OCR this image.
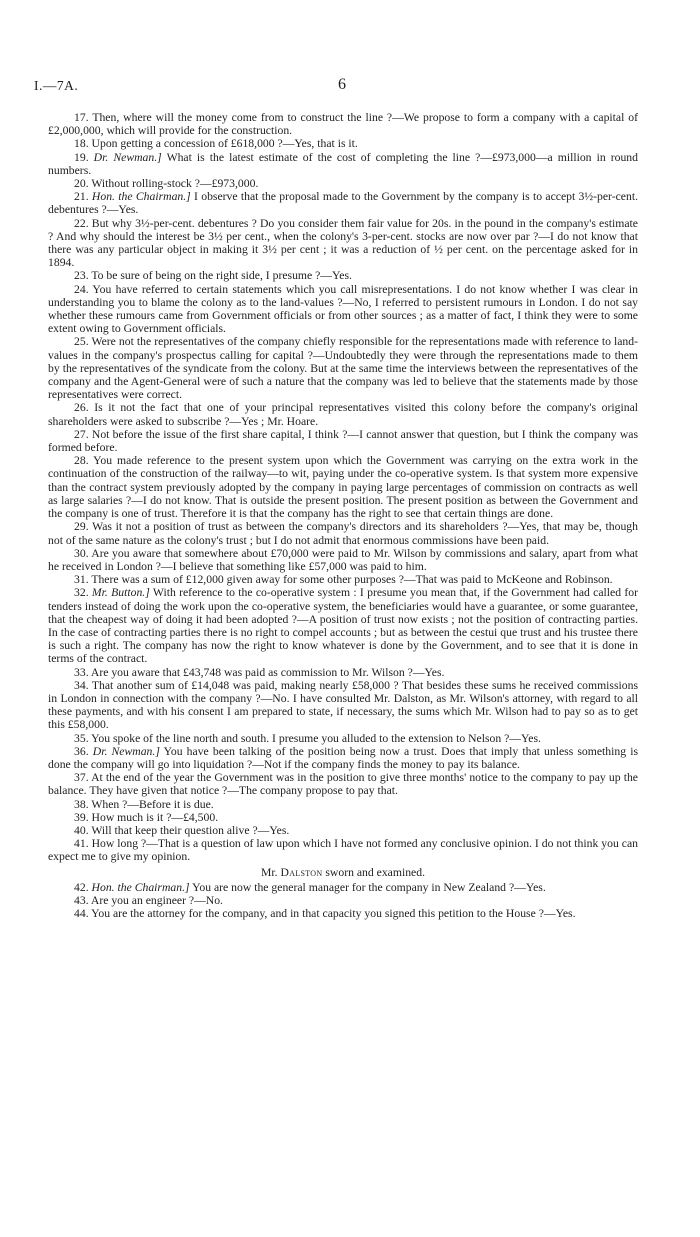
I.—7A.	6

17. Then, where will the money come from to construct the line ?—We propose to form a company with a capital of £2,000,000, which will provide for the construction.

18. Upon getting a concession of £618,000 ?—Yes, that is it.

19. Dr. Newman.] What is the latest estimate of the cost of completing the line ?—£973,000—a million in round numbers.

20. Without rolling-stock ?—£973,000.

21. Hon. the Chairman.] I observe that the proposal made to the Government by the company is to accept 3½-per-cent. debentures ?—Yes.

22. But why 3½-per-cent. debentures ? Do you consider them fair value for 20s. in the pound in the company's estimate ? And why should the interest be 3½ per cent., when the colony's 3-per-cent. stocks are now over par ?—I do not know that there was any particular object in making it 3½ per cent ; it was a reduction of ½ per cent. on the percentage asked for in 1894.

23. To be sure of being on the right side, I presume ?—Yes.

24. You have referred to certain statements which you call misrepresentations. I do not know whether I was clear in understanding you to blame the colony as to the land-values ?—No, I referred to persistent rumours in London. I do not say whether these rumours came from Government officials or from other sources ; as a matter of fact, I think they were to some extent owing to Government officials.

25. Were not the representatives of the company chiefly responsible for the representations made with reference to land-values in the company's prospectus calling for capital ?—Undoubtedly they were through the representations made to them by the representatives of the syndicate from the colony. But at the same time the interviews between the representatives of the company and the Agent-General were of such a nature that the company was led to believe that the statements made by those representatives were correct.

26. Is it not the fact that one of your principal representatives visited this colony before the company's original shareholders were asked to subscribe ?—Yes ; Mr. Hoare.

27. Not before the issue of the first share capital, I think ?—I cannot answer that question, but I think the company was formed before.

28. You made reference to the present system upon which the Government was carrying on the extra work in the continuation of the construction of the railway—to wit, paying under the co-operative system. Is that system more expensive than the contract system previously adopted by the company in paying large percentages of commission on contracts as well as large salaries ?—I do not know. That is outside the present position. The present position as between the Government and the company is one of trust. Therefore it is that the company has the right to see that certain things are done.

29. Was it not a position of trust as between the company's directors and its shareholders ?—Yes, that may be, though not of the same nature as the colony's trust ; but I do not admit that enormous commissions have been paid.

30. Are you aware that somewhere about £70,000 were paid to Mr. Wilson by commissions and salary, apart from what he received in London ?—I believe that something like £57,000 was paid to him.

31. There was a sum of £12,000 given away for some other purposes ?—That was paid to McKeone and Robinson.

32. Mr. Button.] With reference to the co-operative system : I presume you mean that, if the Government had called for tenders instead of doing the work upon the co-operative system, the beneficiaries would have a guarantee, or some guarantee, that the cheapest way of doing it had been adopted ?—A position of trust now exists ; not the position of contracting parties. In the case of contracting parties there is no right to compel accounts ; but as between the cestui que trust and his trustee there is such a right. The company has now the right to know whatever is done by the Government, and to see that it is done in terms of the contract.

33. Are you aware that £43,748 was paid as commission to Mr. Wilson ?—Yes.

34. That another sum of £14,048 was paid, making nearly £58,000 ? That besides these sums he received commissions in London in connection with the company ?—No. I have consulted Mr. Dalston, as Mr. Wilson's attorney, with regard to all these payments, and with his consent I am prepared to state, if necessary, the sums which Mr. Wilson had to pay so as to get this £58,000.

35. You spoke of the line north and south. I presume you alluded to the extension to Nelson ?—Yes.

36. Dr. Newman.] You have been talking of the position being now a trust. Does that imply that unless something is done the company will go into liquidation ?—Not if the company finds the money to pay its balance.

37. At the end of the year the Government was in the position to give three months' notice to the company to pay up the balance. They have given that notice ?—The company propose to pay that.

38. When ?—Before it is due.

39. How much is it ?—£4,500.

40. Will that keep their question alive ?—Yes.

41. How long ?—That is a question of law upon which I have not formed any conclusive opinion. I do not think you can expect me to give my opinion.

Mr. Dalston sworn and examined.

42. Hon. the Chairman.] You are now the general manager for the company in New Zealand ?—Yes.

43. Are you an engineer ?—No.

44. You are the attorney for the company, and in that capacity you signed this petition to the House ?—Yes.
